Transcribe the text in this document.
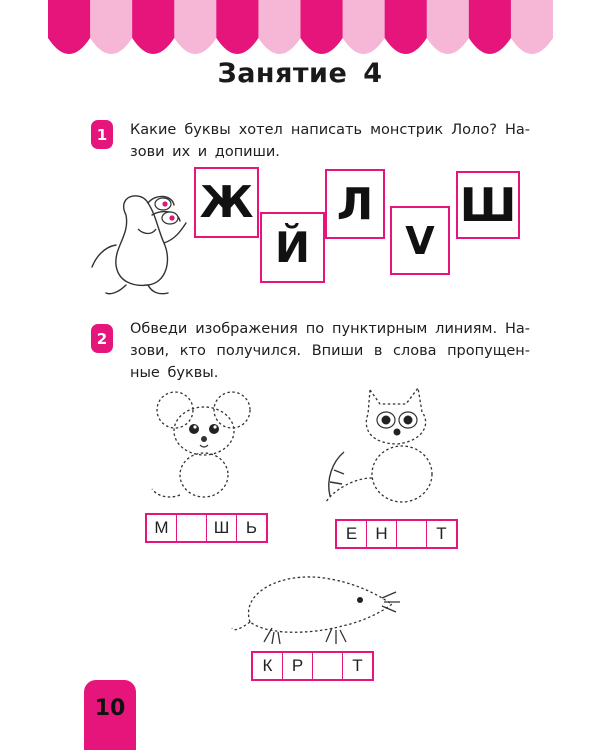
Занятие 4
1	Какие буквы хотел написать монстрик Лоло? Назови их и допиши.
Ж
Й
Л
V
Ш
2
Обведи изображения по пунктирным линиям. Назови, кто получился. Впиши в слова пропущенные буквы.
М	Ш Ь	Е	Н	Т
К	Р	Т
10
